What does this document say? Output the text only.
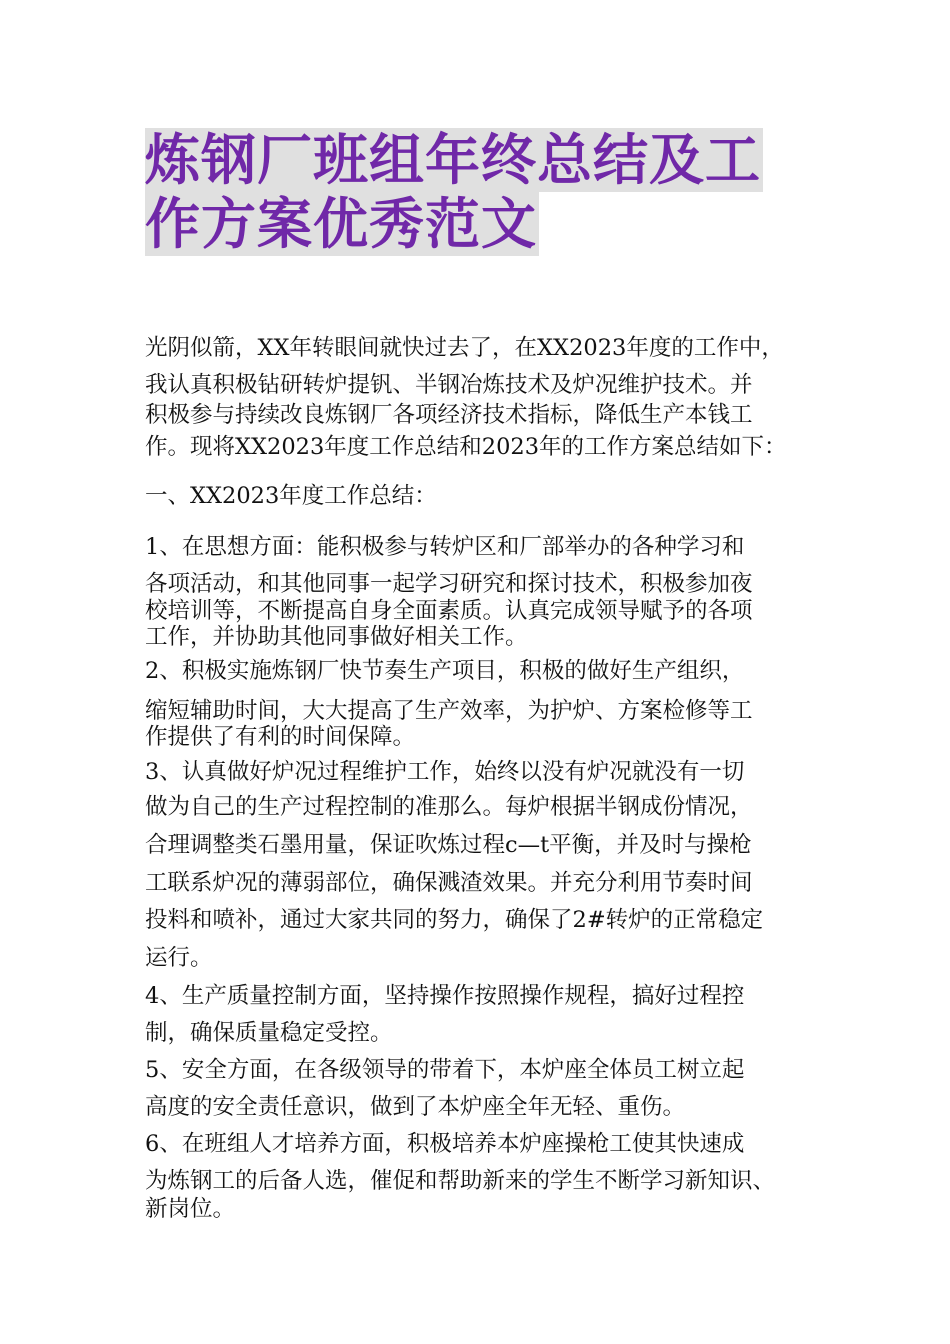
炼钢厂班组年终总结及工
作方案优秀范文

光阴似箭，XX年转眼间就快过去了，在XX2023年度的工作中，

我认真积极钻研转炉提钒、半钢冶炼技术及炉况维护技术。并

积极参与持续改良炼钢厂各项经济技术指标，降低生产本钱工

作。现将XX2023年度工作总结和2023年的工作方案总结如下：

一、XX2023年度工作总结：

1、在思想方面：能积极参与转炉区和厂部举办的各种学习和

各项活动，和其他同事一起学习研究和探讨技术，积极参加夜

校培训等，不断提高自身全面素质。认真完成领导赋予的各项

工作，并协助其他同事做好相关工作。

2、积极实施炼钢厂快节奏生产项目，积极的做好生产组织，

缩短辅助时间，大大提高了生产效率，为护炉、方案检修等工

作提供了有利的时间保障。

3、认真做好炉况过程维护工作，始终以没有炉况就没有一切

做为自己的生产过程控制的准那么。每炉根据半钢成份情况，

合理调整类石墨用量，保证吹炼过程c—t平衡，并及时与操枪

工联系炉况的薄弱部位，确保溅渣效果。并充分利用节奏时间

投料和喷补，通过大家共同的努力，确保了2#转炉的正常稳定

运行。

4、生产质量控制方面，坚持操作按照操作规程，搞好过程控

制，确保质量稳定受控。

5、安全方面，在各级领导的带着下，本炉座全体员工树立起

高度的安全责任意识，做到了本炉座全年无轻、重伤。

6、在班组人才培养方面，积极培养本炉座操枪工使其快速成

为炼钢工的后备人选，催促和帮助新来的学生不断学习新知识、

新岗位。
